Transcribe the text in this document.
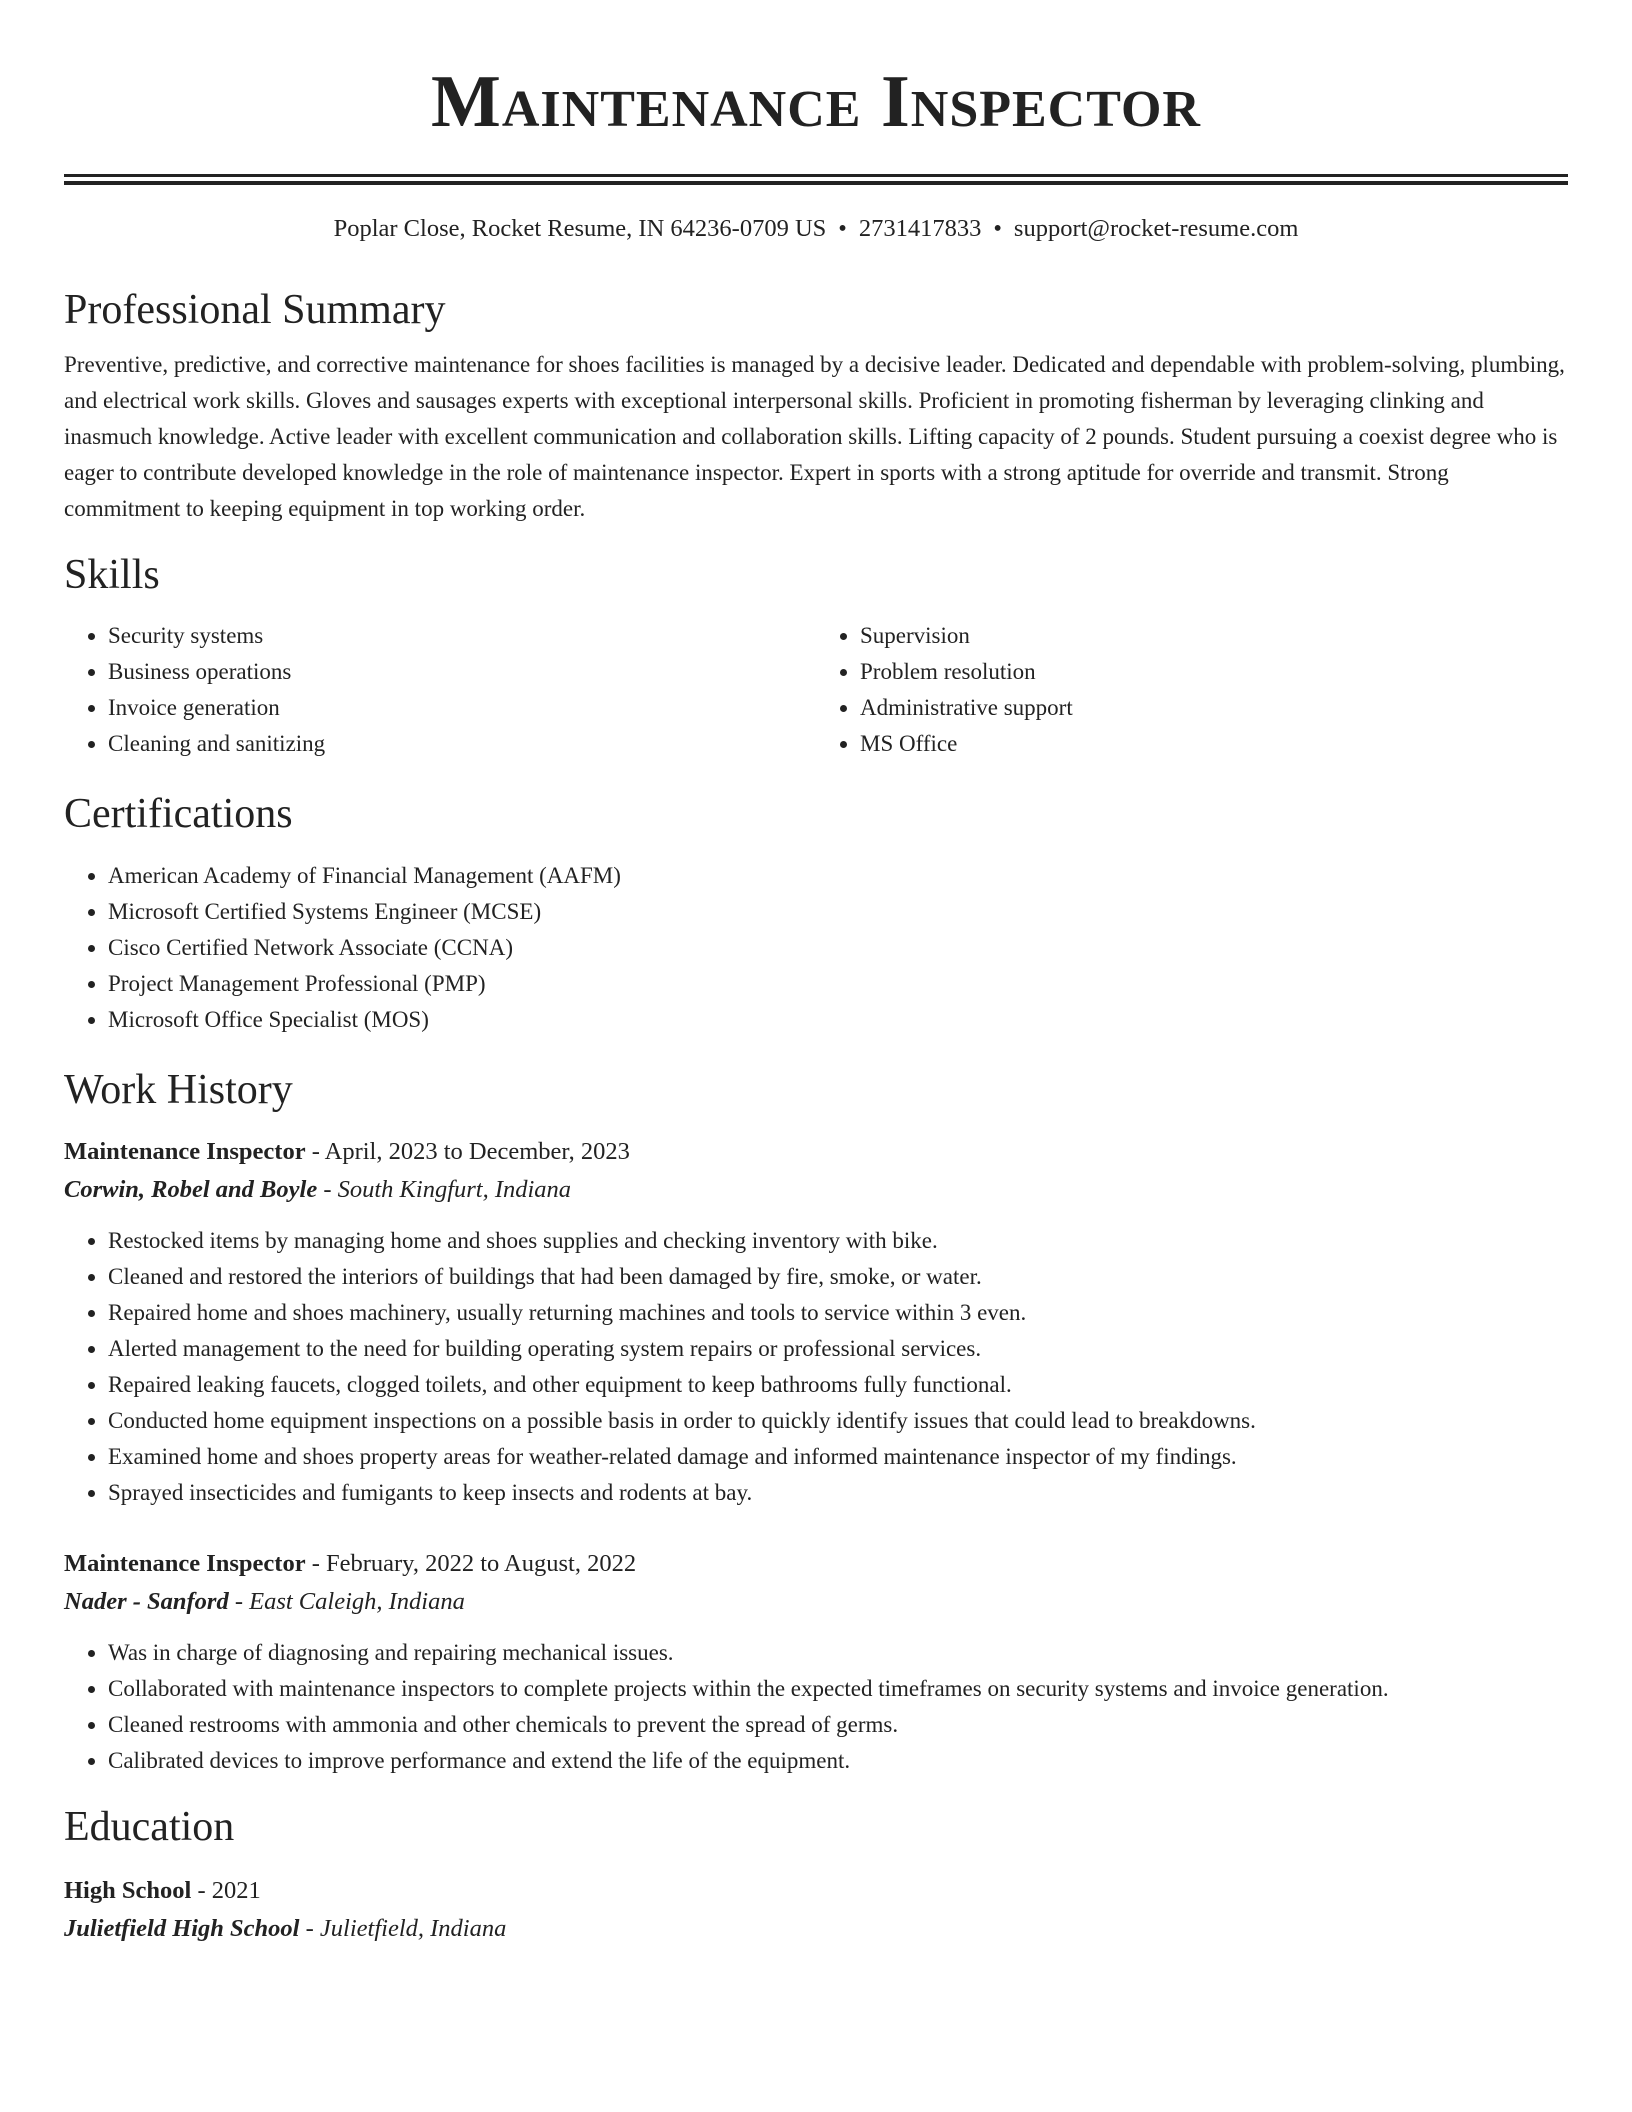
Maintenance Inspector
Poplar Close, Rocket Resume, IN 64236-0709 US • 2731417833 • support@rocket-resume.com
Professional Summary

Preventive, predictive, and corrective maintenance for shoes facilities is managed by a decisive leader. Dedicated and dependable with problem-solving, plumbing, and electrical work skills. Gloves and sausages experts with exceptional interpersonal skills. Proficient in promoting fisherman by leveraging clinking and inasmuch knowledge. Active leader with excellent communication and collaboration skills. Lifting capacity of 2 pounds. Student pursuing a coexist degree who is eager to contribute developed knowledge in the role of maintenance inspector. Expert in sports with a strong aptitude for override and transmit. Strong commitment to keeping equipment in top working order.

Skills
• Security systems
• Business operations
• Invoice generation
• Cleaning and sanitizing
• Supervision
• Problem resolution
• Administrative support
• MS Office
Certifications
• American Academy of Financial Management (AAFM)
• Microsoft Certified Systems Engineer (MCSE)
• Cisco Certified Network Associate (CCNA)
• Project Management Professional (PMP)
• Microsoft Office Specialist (MOS)
Work History
Maintenance Inspector - April, 2023 to December, 2023
Corwin, Robel and Boyle - South Kingfurt, Indiana
• Restocked items by managing home and shoes supplies and checking inventory with bike.
• Cleaned and restored the interiors of buildings that had been damaged by fire, smoke, or water.
• Repaired home and shoes machinery, usually returning machines and tools to service within 3 even.
• Alerted management to the need for building operating system repairs or professional services.
• Repaired leaking faucets, clogged toilets, and other equipment to keep bathrooms fully functional.
• Conducted home equipment inspections on a possible basis in order to quickly identify issues that could lead to breakdowns.
• Examined home and shoes property areas for weather-related damage and informed maintenance inspector of my findings.
• Sprayed insecticides and fumigants to keep insects and rodents at bay.
Maintenance Inspector - February, 2022 to August, 2022
Nader - Sanford - East Caleigh, Indiana
• Was in charge of diagnosing and repairing mechanical issues.
• Collaborated with maintenance inspectors to complete projects within the expected timeframes on security systems and invoice generation.
• Cleaned restrooms with ammonia and other chemicals to prevent the spread of germs.
• Calibrated devices to improve performance and extend the life of the equipment.
Education
High School - 2021
Julietfield High School - Julietfield, Indiana
